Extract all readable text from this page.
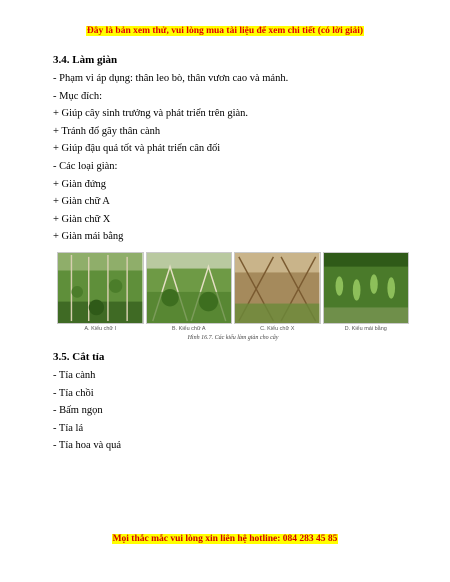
Đây là bản xem thử, vui lòng mua tài liệu để xem chi tiết (có lời giải)
3.4. Làm giàn
- Phạm vi áp dụng: thân leo bò, thân vươn cao và mảnh.
- Mục đích:
+ Giúp cây sinh trưởng và phát triển trên giàn.
+ Tránh đổ gãy thân cành
+ Giúp đậu quả tốt và phát triển cân đối
- Các loại giàn:
+ Giàn đứng
+ Giàn chữ A
+ Giàn chữ X
+ Giàn mái bằng
A. Kiểu chữ I	B. Kiểu chữ A	C. Kiểu chữ X	D. Kiểu mái bằng
Hình 16.7. Các kiểu làm giàn cho cây
3.5. Cắt tỉa
- Tỉa cành
- Tỉa chồi
- Bấm ngọn
- Tỉa lá
- Tỉa hoa và quả
Mọi thắc mắc vui lòng xin liên hệ hotline: 084 283 45 85
